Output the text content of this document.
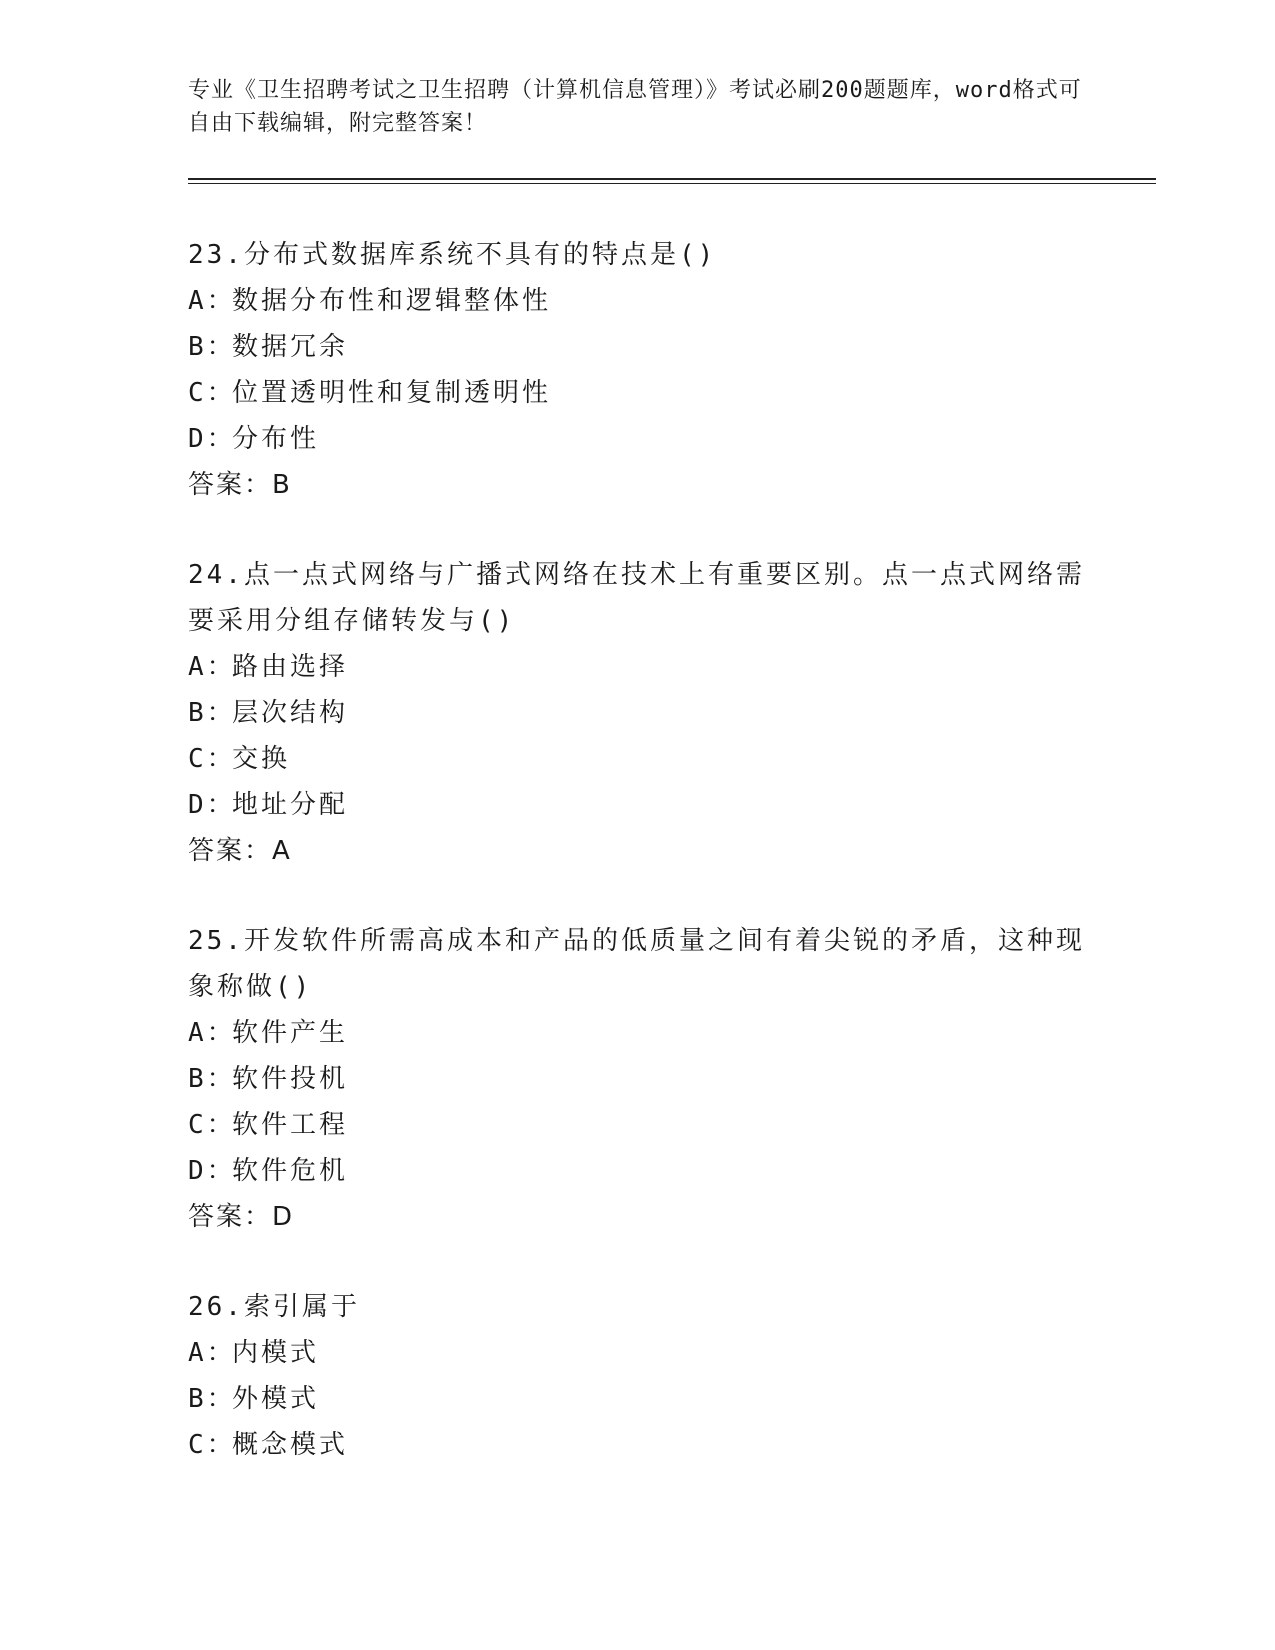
专业《卫生招聘考试之卫生招聘（计算机信息管理）》考试必刷200题题库，word格式可自由下载编辑，附完整答案！

23.分布式数据库系统不具有的特点是()

A：数据分布性和逻辑整体性

B：数据冗余

C：位置透明性和复制透明性

D：分布性

答案：B

24.点一点式网络与广播式网络在技术上有重要区别。点一点式网络需要采用分组存储转发与()

A：路由选择

B：层次结构

C：交换

D：地址分配

答案：A

25.开发软件所需高成本和产品的低质量之间有着尖锐的矛盾，这种现象称做()

A：软件产生

B：软件投机

C：软件工程

D：软件危机

答案：D

26.索引属于

A：内模式

B：外模式

C：概念模式
